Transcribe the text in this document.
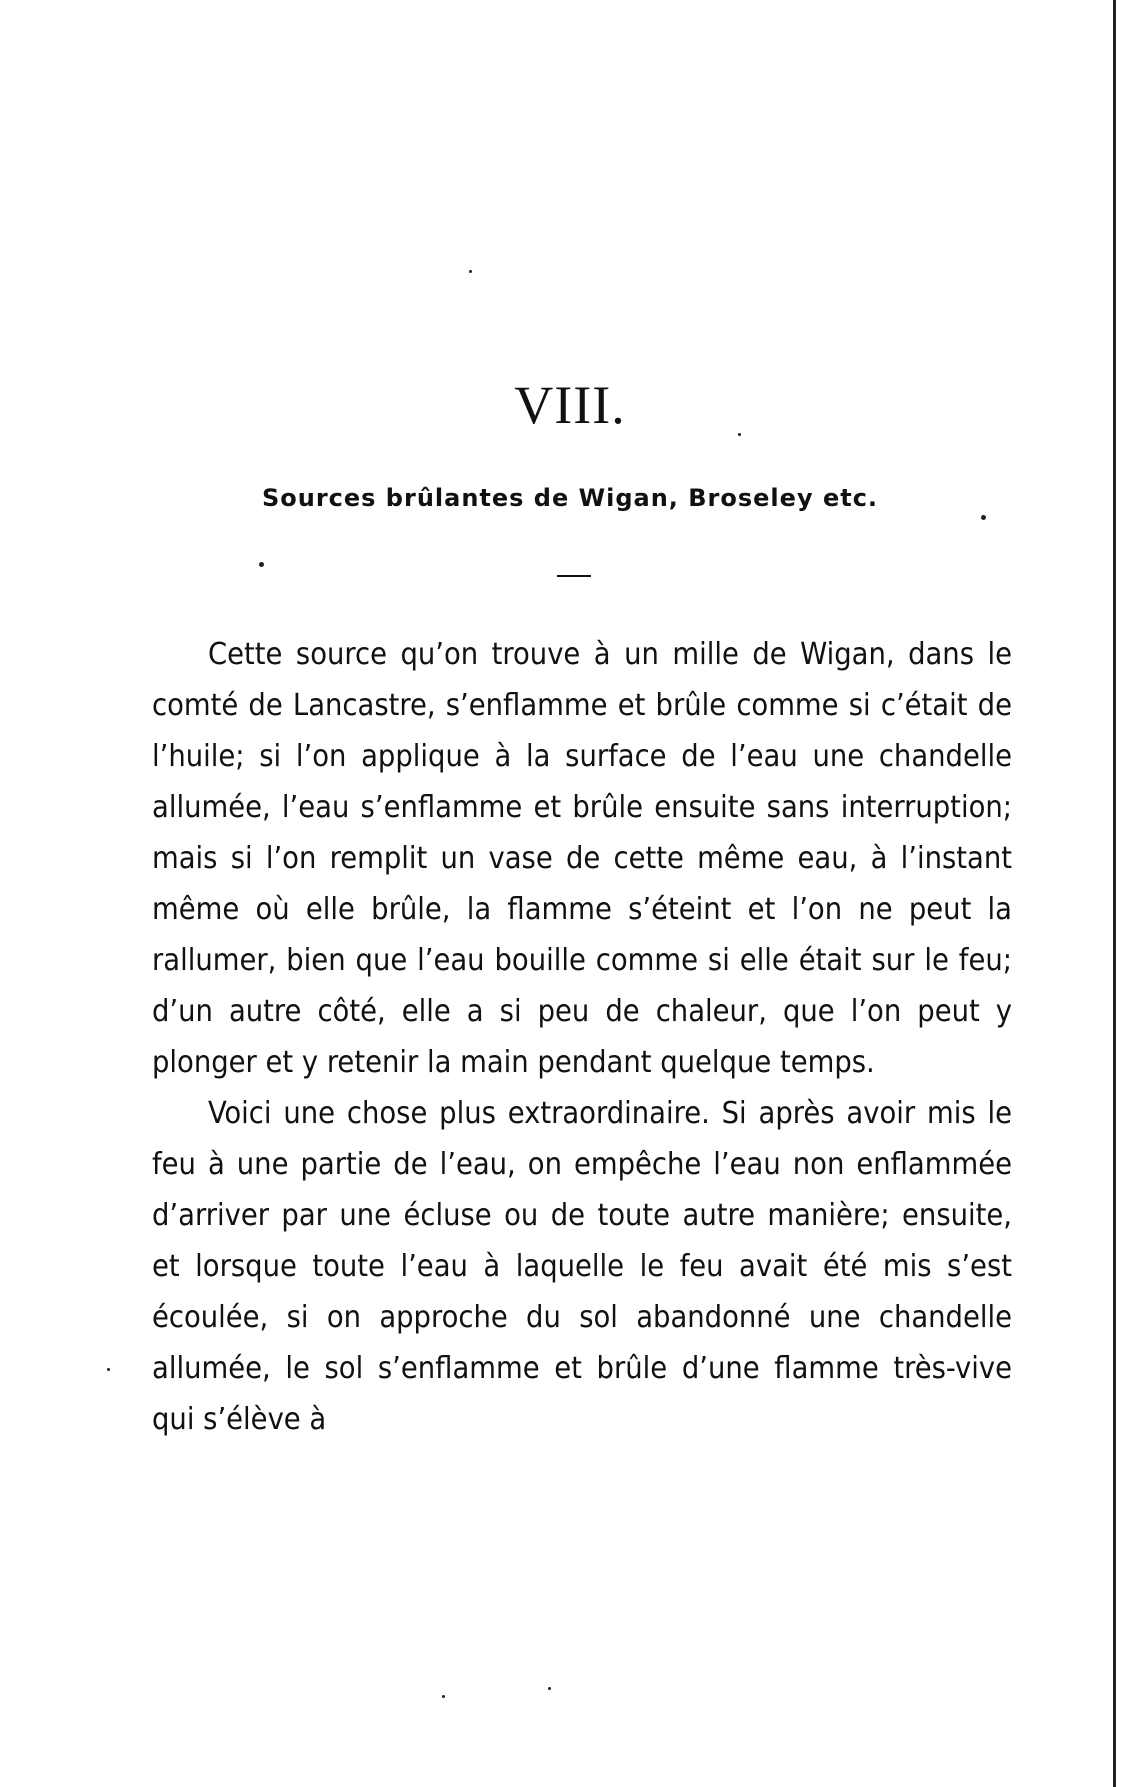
VIII.
Sources brûlantes de Wigan, Broseley etc.

Cette source qu’on trouve à un mille de Wigan, dans le comté de Lancastre, s’enflamme et brûle comme si c’était de l’huile; si l’on applique à la surface de l’eau une chandelle allumée, l’eau s’enflamme et brûle ensuite sans interruption; mais si l’on remplit un vase de cette même eau, à l’instant même où elle brûle, la flamme s’éteint et l’on ne peut la rallumer, bien que l’eau bouille comme si elle était sur le feu; d’un autre côté, elle a si peu de chaleur, que l’on peut y plonger et y retenir la main pendant quelque temps.

Voici une chose plus extraordinaire. Si après avoir mis le feu à une partie de l’eau, on empêche l’eau non enflammée d’arriver par une écluse ou de toute autre manière; ensuite, et lorsque toute l’eau à laquelle le feu avait été mis s’est écoulée, si on approche du sol abandonné une chandelle allumée, le sol s’enflamme et brûle d’une flamme très-vive qui s’élève à
